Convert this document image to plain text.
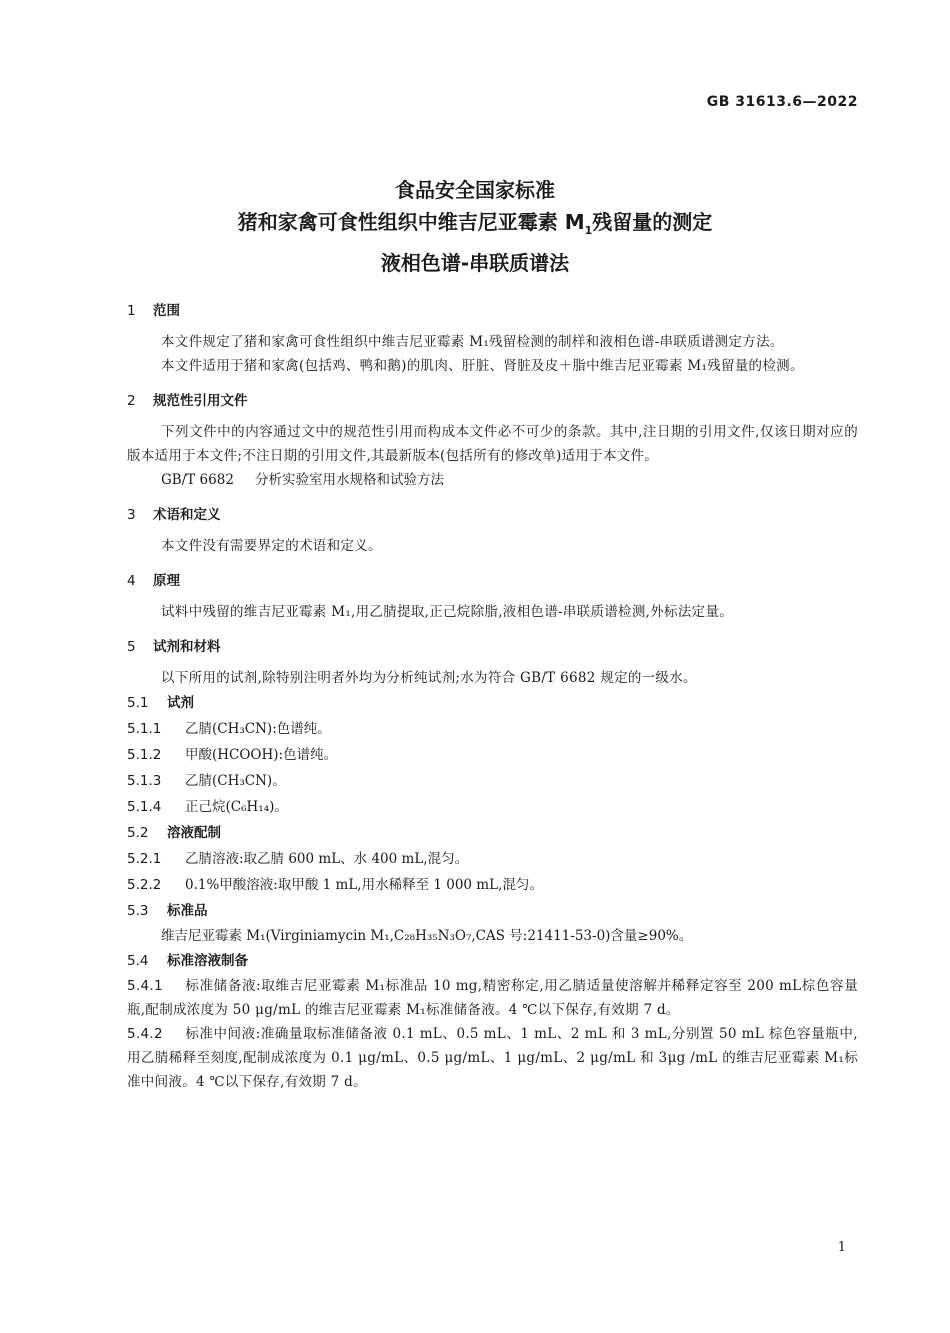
GB 31613.6—2022
食品安全国家标准
猪和家禽可食性组织中维吉尼亚霉素 $M_1$残留量的测定
液相色谱-串联质谱法
1 范围
本文件规定了猪和家禽可食性组织中维吉尼亚霉素 M₁残留检测的制样和液相色谱-串联质谱测定方法。
本文件适用于猪和家禽(包括鸡、鸭和鹅)的肌肉、肝脏、肾脏及皮＋脂中维吉尼亚霉素 M₁残留量的检测。
2 规范性引用文件
下列文件中的内容通过文中的规范性引用而构成本文件必不可少的条款。其中,注日期的引用文件,仅该日期对应的版本适用于本文件;不注日期的引用文件,其最新版本(包括所有的修改单)适用于本文件。
GB/T 6682 分析实验室用水规格和试验方法
3 术语和定义
本文件没有需要界定的术语和定义。
4 原理
试料中残留的维吉尼亚霉素 M₁,用乙腈提取,正己烷除脂,液相色谱-串联质谱检测,外标法定量。
5 试剂和材料
以下所用的试剂,除特别注明者外均为分析纯试剂;水为符合 GB/T 6682 规定的一级水。
5.1 试剂
5.1.1 乙腈(CH₃CN):色谱纯。
5.1.2 甲酸(HCOOH):色谱纯。
5.1.3 乙腈(CH₃CN)。
5.1.4 正己烷(C₆H₁₄)。
5.2 溶液配制
5.2.1 乙腈溶液:取乙腈 600 mL、水 400 mL,混匀。
5.2.2 0.1%甲酸溶液:取甲酸 1 mL,用水稀释至 1 000 mL,混匀。
5.3 标准品
维吉尼亚霉素 M₁(Virginiamycin M₁,C₂₈H₃₅N₃O₇,CAS 号:21411-53-0)含量≥90%。
5.4 标准溶液制备
5.4.1 标准储备液:取维吉尼亚霉素 M₁标准品 10 mg,精密称定,用乙腈适量使溶解并稀释定容至 200 mL棕色容量瓶,配制成浓度为 50 μg/mL 的维吉尼亚霉素 M₁标准储备液。4 ℃以下保存,有效期 7 d。
5.4.2 标准中间液:准确量取标准储备液 0.1 mL、0.5 mL、1 mL、2 mL 和 3 mL,分别置 50 mL 棕色容量瓶中,用乙腈稀释至刻度,配制成浓度为 0.1 μg/mL、0.5 μg/mL、1 μg/mL、2 μg/mL 和 3μg /mL 的维吉尼亚霉素 M₁标准中间液。4 ℃以下保存,有效期 7 d。
1
